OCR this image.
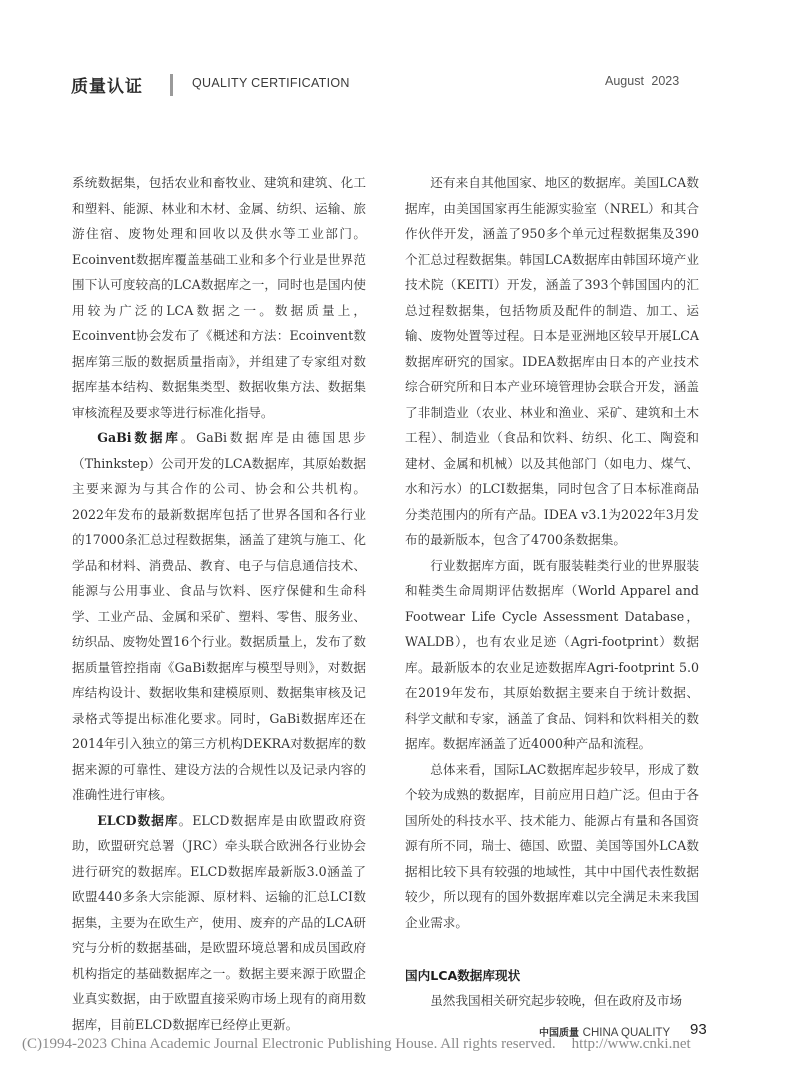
质量认证	QUALITY CERTIFICATION	August 2023

系统数据集，包括农业和畜牧业、建筑和建筑、化工和塑料、能源、林业和木材、金属、纺织、运输、旅游住宿、废物处理和回收以及供水等工业部门。Ecoinvent数据库覆盖基础工业和多个行业是世界范围下认可度较高的LCA数据库之一，同时也是国内使用较为广泛的LCA数据之一。数据质量上，Ecoinvent协会发布了《概述和方法：Ecoinvent数据库第三版的数据质量指南》，并组建了专家组对数据库基本结构、数据集类型、数据收集方法、数据集审核流程及要求等进行标准化指导。

GaBi数据库。GaBi数据库是由德国思步（Thinkstep）公司开发的LCA数据库，其原始数据主要来源为与其合作的公司、协会和公共机构。2022年发布的最新数据库包括了世界各国和各行业的17000条汇总过程数据集，涵盖了建筑与施工、化学品和材料、消费品、教育、电子与信息通信技术、能源与公用事业、食品与饮料、医疗保健和生命科学、工业产品、金属和采矿、塑料、零售、服务业、纺织品、废物处置16个行业。数据质量上，发布了数据质量管控指南《GaBi数据库与模型导则》，对数据库结构设计、数据收集和建模原则、数据集审核及记录格式等提出标准化要求。同时，GaBi数据库还在2014年引入独立的第三方机构DEKRA对数据库的数据来源的可靠性、建设方法的合规性以及记录内容的准确性进行审核。

ELCD数据库。ELCD数据库是由欧盟政府资助，欧盟研究总署（JRC）牵头联合欧洲各行业协会进行研究的数据库。ELCD数据库最新版3.0涵盖了欧盟440多条大宗能源、原材料、运输的汇总LCI数据集，主要为在欧生产，使用、废弃的产品的LCA研究与分析的数据基础，是欧盟环境总署和成员国政府机构指定的基础数据库之一。数据主要来源于欧盟企业真实数据，由于欧盟直接采购市场上现有的商用数据库，目前ELCD数据库已经停止更新。

还有来自其他国家、地区的数据库。美国LCA数据库，由美国国家再生能源实验室（NREL）和其合作伙伴开发，涵盖了950多个单元过程数据集及390个汇总过程数据集。韩国LCA数据库由韩国环境产业技术院（KEITI）开发，涵盖了393个韩国国内的汇总过程数据集，包括物质及配件的制造、加工、运输、废物处置等过程。日本是亚洲地区较早开展LCA数据库研究的国家。IDEA数据库由日本的产业技术综合研究所和日本产业环境管理协会联合开发，涵盖了非制造业（农业、林业和渔业、采矿、建筑和土木工程）、制造业（食品和饮料、纺织、化工、陶瓷和建材、金属和机械）以及其他部门（如电力、煤气、水和污水）的LCI数据集，同时包含了日本标准商品分类范围内的所有产品。IDEA v3.1为2022年3月发布的最新版本，包含了4700条数据集。

行业数据库方面，既有服装鞋类行业的世界服装和鞋类生命周期评估数据库（World Apparel and Footwear Life Cycle Assessment Database，WALDB），也有农业足迹（Agri-footprint）数据库。最新版本的农业足迹数据库Agri-footprint 5.0在2019年发布，其原始数据主要来自于统计数据、科学文献和专家，涵盖了食品、饲料和饮料相关的数据库。数据库涵盖了近4000种产品和流程。

总体来看，国际LAC数据库起步较早，形成了数个较为成熟的数据库，目前应用日趋广泛。但由于各国所处的科技水平、技术能力、能源占有量和各国资源有所不同，瑞士、德国、欧盟、美国等国外LCA数据相比较下具有较强的地域性，其中中国代表性数据较少，所以现有的国外数据库难以完全满足未来我国企业需求。

国内LCA数据库现状

虽然我国相关研究起步较晚，但在政府及市场

中国质量 CHINA QUALITY 93
(C)1994-2023 China Academic Journal Electronic Publishing House. All rights reserved. http://www.cnki.net
